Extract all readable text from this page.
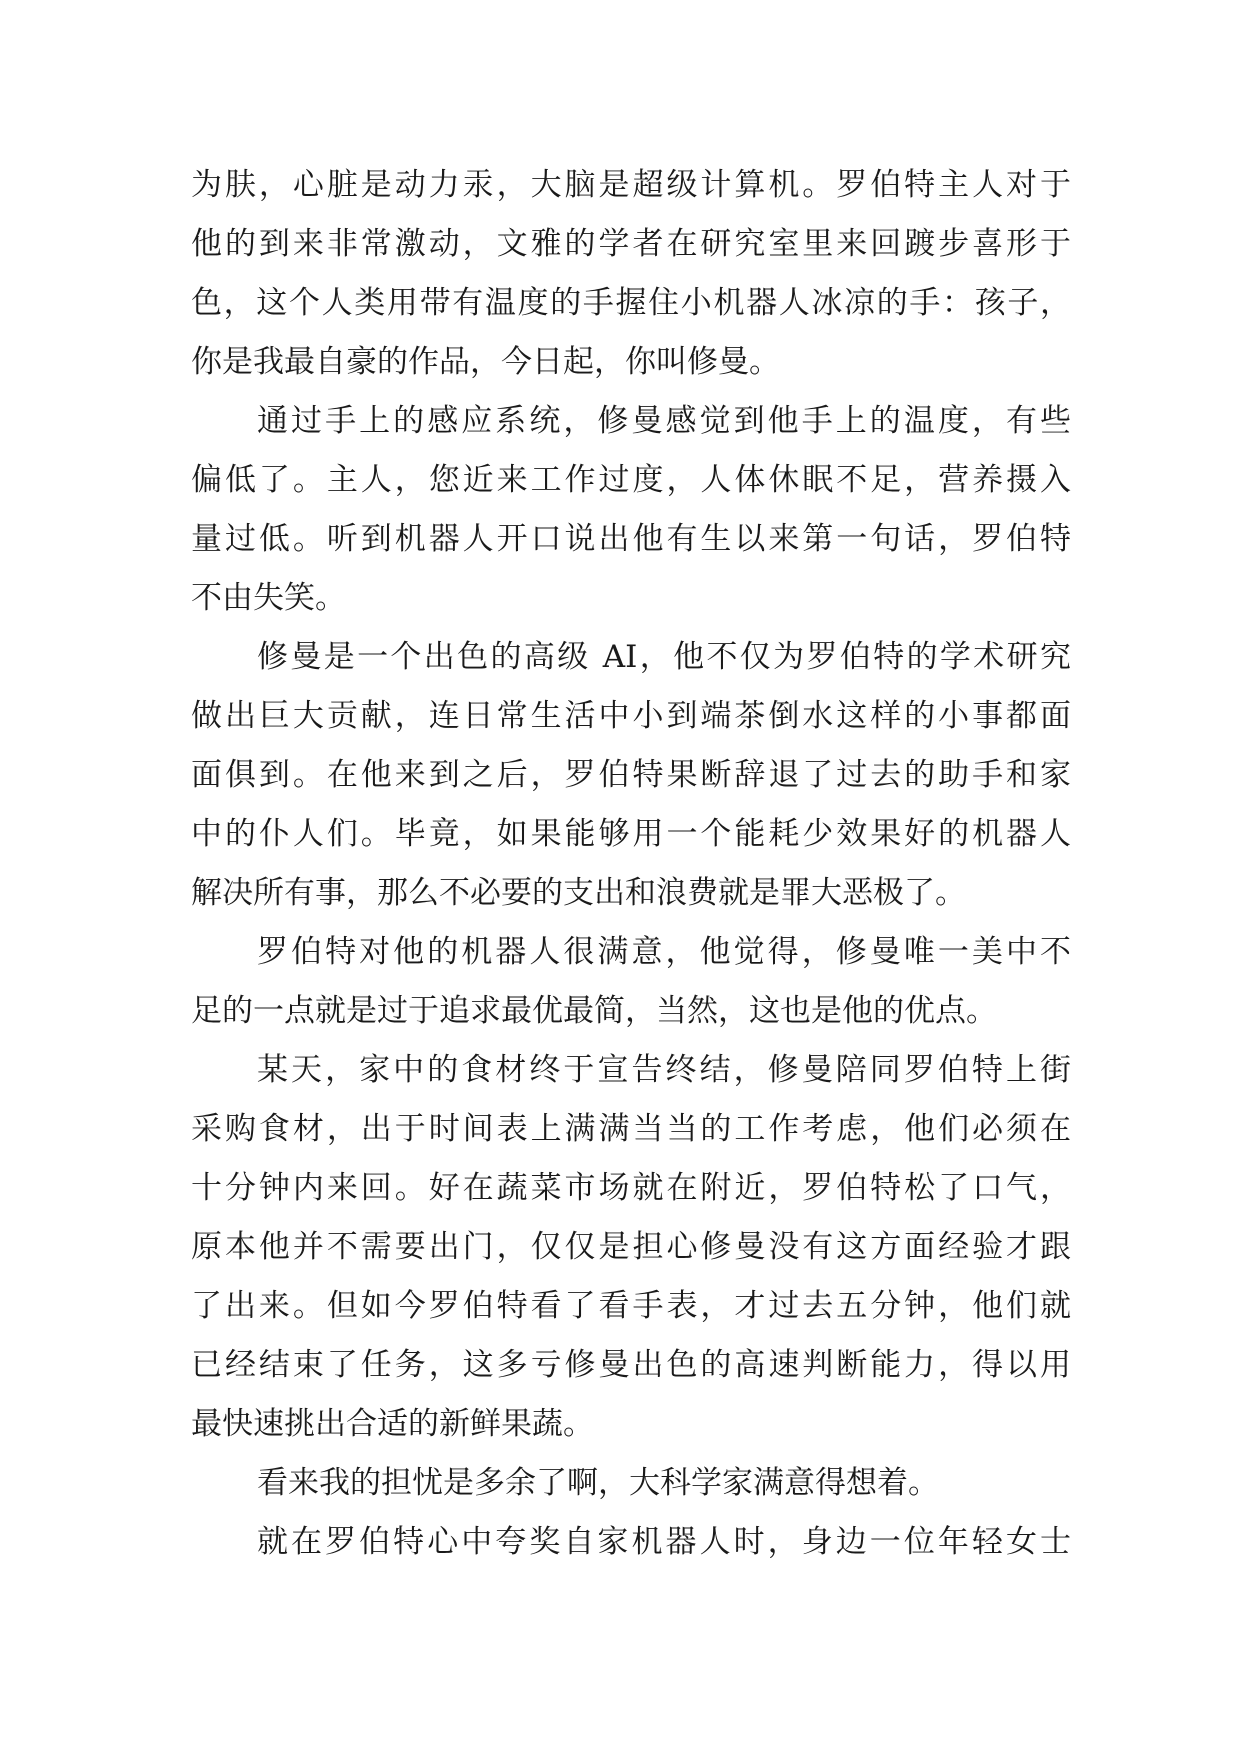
为肤，心脏是动力汞，大脑是超级计算机。罗伯特主人对于
他的到来非常激动，文雅的学者在研究室里来回踱步喜形于
色，这个人类用带有温度的手握住小机器人冰凉的手：孩子，
你是我最自豪的作品，今日起，你叫修曼。
通过手上的感应系统，修曼感觉到他手上的温度，有些
偏低了。主人，您近来工作过度，人体休眠不足，营养摄入
量过低。听到机器人开口说出他有生以来第一句话，罗伯特
不由失笑。
修曼是一个出色的高级 AI，他不仅为罗伯特的学术研究
做出巨大贡献，连日常生活中小到端茶倒水这样的小事都面
面俱到。在他来到之后，罗伯特果断辞退了过去的助手和家
中的仆人们。毕竟，如果能够用一个能耗少效果好的机器人
解决所有事，那么不必要的支出和浪费就是罪大恶极了。
罗伯特对他的机器人很满意，他觉得，修曼唯一美中不
足的一点就是过于追求最优最简，当然，这也是他的优点。
某天，家中的食材终于宣告终结，修曼陪同罗伯特上街
采购食材，出于时间表上满满当当的工作考虑，他们必须在
十分钟内来回。好在蔬菜市场就在附近，罗伯特松了口气，
原本他并不需要出门，仅仅是担心修曼没有这方面经验才跟
了出来。但如今罗伯特看了看手表，才过去五分钟，他们就
已经结束了任务，这多亏修曼出色的高速判断能力，得以用
最快速挑出合适的新鲜果蔬。
看来我的担忧是多余了啊，大科学家满意得想着。
就在罗伯特心中夸奖自家机器人时，身边一位年轻女士
